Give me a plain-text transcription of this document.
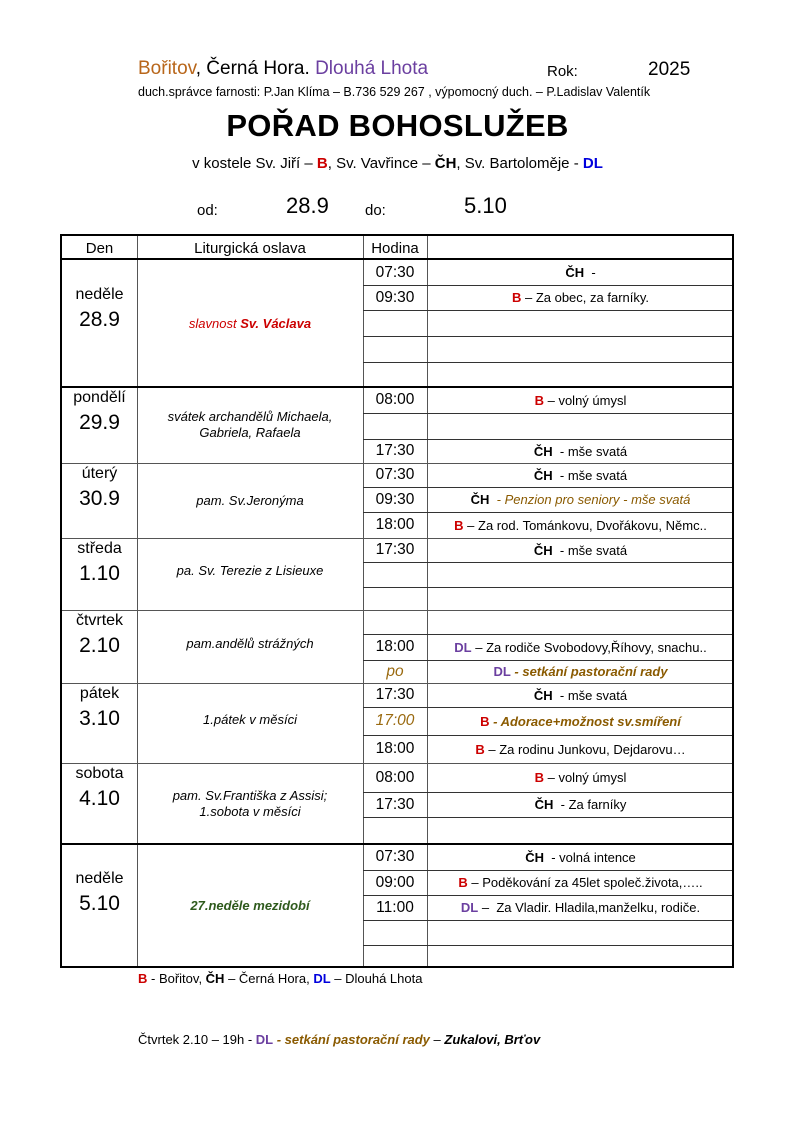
Bořitov, Černá Hora. Dlouhá Lhota	Rok:	2025
duch.správce farnosti: P.Jan Klíma – B.736 529 267 , výpomocný duch. – P.Ladislav Valentík
POŘAD BOHOSLUŽEB
v kostele Sv. Jiří – B, Sv. Vavřince – ČH, Sv. Bartoloměje - DL
od:	28.9 do:	5.10
Den	Liturgická oslava	Hodina
neděle
28.9	slavnost Sv. Václava
07:30	ČH -
09:30	B – Za obec, za farníky.
pondělí
29.9	svátek archandělů Michaela, Gabriela, Rafaela
08:00	B – volný úmysl
17:30	ČH - mše svatá
úterý
30.9	pam. Sv.Jeronýma
07:30	ČH - mše svatá
09:30	ČH - Penzion pro seniory - mše svatá
18:00	B – Za rod. Tománkovu, Dvořákovu, Němc..
středa
1.10	pa. Sv. Terezie z Lisieuxe
17:30	ČH - mše svatá
čtvrtek
2.10	pam.andělů strážných	18:00	DL – Za rodiče Svobodovy,Říhovy, snachu..
po	DL - setkání pastorační rady
pátek
3.10	1.pátek v měsíci
17:30	ČH - mše svatá
17:00	B - Adorace+možnost sv.smíření
18:00	B – Za rodinu Junkovu, Dejdarovu…
sobota
4.10	pam. Sv.Františka z Assisi;
1.sobota v měsíci
08:00	B – volný úmysl
17:30	ČH - Za farníky
neděle
5.10	27.neděle mezidobí
07:30	ČH - volná intence
09:00	B – Poděkování za 45let společ.života,…..
11:00	DL –  Za Vladir. Hladila,manželku, rodiče.
B - Bořitov, ČH – Černá Hora, DL – Dlouhá Lhota
Čtvrtek 2.10 – 19h - DL - setkání pastorační rady – Zukalovi, Brťov
